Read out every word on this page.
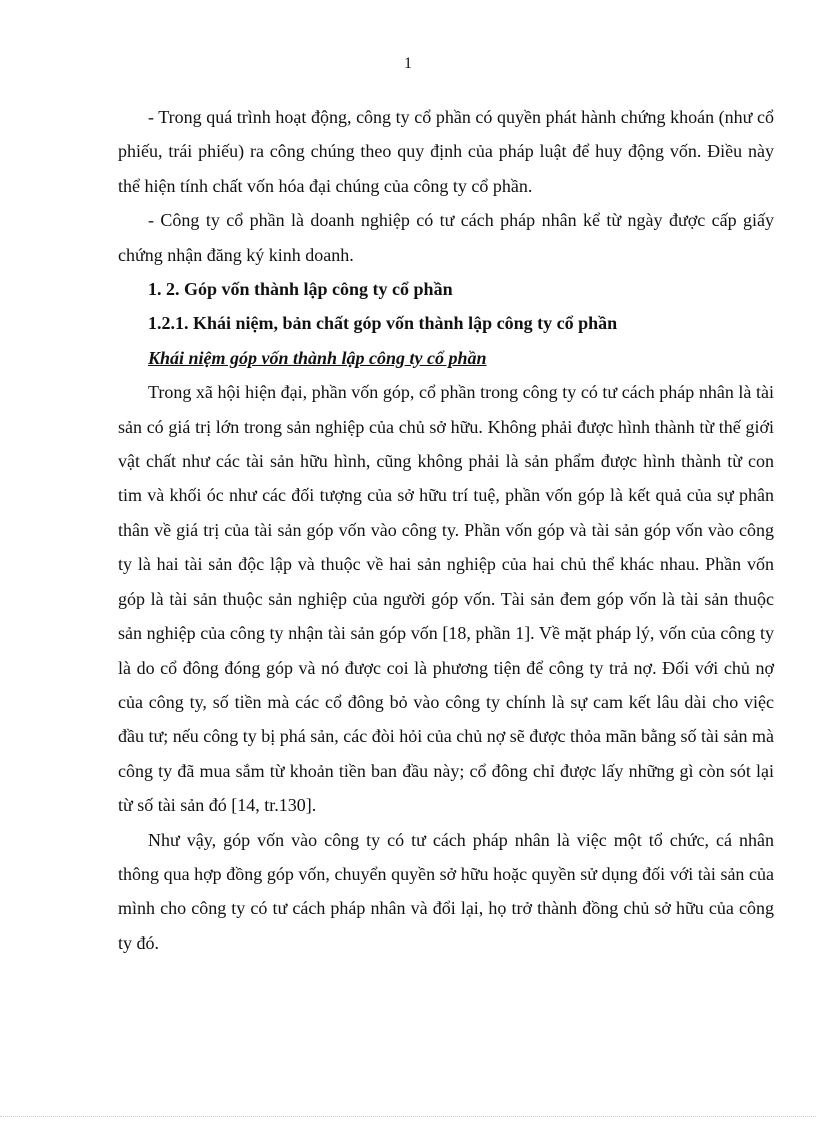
1

- Trong quá trình hoạt động, công ty cổ phần có quyền phát hành chứng khoán (như cổ phiếu, trái phiếu) ra công chúng theo quy định của pháp luật để huy động vốn. Điều này thể hiện tính chất vốn hóa đại chúng của công ty cổ phần.

- Công ty cổ phần là doanh nghiệp có tư cách pháp nhân kể từ ngày được cấp giấy chứng nhận đăng ký kinh doanh.

1. 2. Góp vốn thành lập công ty cổ phần

1.2.1. Khái niệm, bản chất góp vốn thành lập công ty cổ phần

Khái niệm góp vốn thành lập công ty cổ phần

Trong xã hội hiện đại, phần vốn góp, cổ phần trong công ty có tư cách pháp nhân là tài sản có giá trị lớn trong sản nghiệp của chủ sở hữu. Không phải được hình thành từ thế giới vật chất như các tài sản hữu hình, cũng không phải là sản phẩm được hình thành từ con tim và khối óc như các đối tượng của sở hữu trí tuệ, phần vốn góp là kết quả của sự phân thân về giá trị của tài sản góp vốn vào công ty. Phần vốn góp và tài sản góp vốn vào công ty là hai tài sản độc lập và thuộc về hai sản nghiệp của hai chủ thể khác nhau. Phần vốn góp là tài sản thuộc sản nghiệp của người góp vốn. Tài sản đem góp vốn là tài sản thuộc sản nghiệp của công ty nhận tài sản góp vốn [18, phần 1]. Về mặt pháp lý, vốn của công ty là do cổ đông đóng góp và nó được coi là phương tiện để công ty trả nợ. Đối với chủ nợ của công ty, số tiền mà các cổ đông bỏ vào công ty chính là sự cam kết lâu dài cho việc đầu tư; nếu công ty bị phá sản, các đòi hỏi của chủ nợ sẽ được thỏa mãn bằng số tài sản mà công ty đã mua sắm từ khoản tiền ban đầu này; cổ đông chỉ được lấy những gì còn sót lại từ số tài sản đó [14, tr.130].

Như vậy, góp vốn vào công ty có tư cách pháp nhân là việc một tổ chức, cá nhân thông qua hợp đồng góp vốn, chuyển quyền sở hữu hoặc quyền sử dụng đối với tài sản của mình cho công ty có tư cách pháp nhân và đổi lại, họ trở thành đồng chủ sở hữu của công ty đó.
